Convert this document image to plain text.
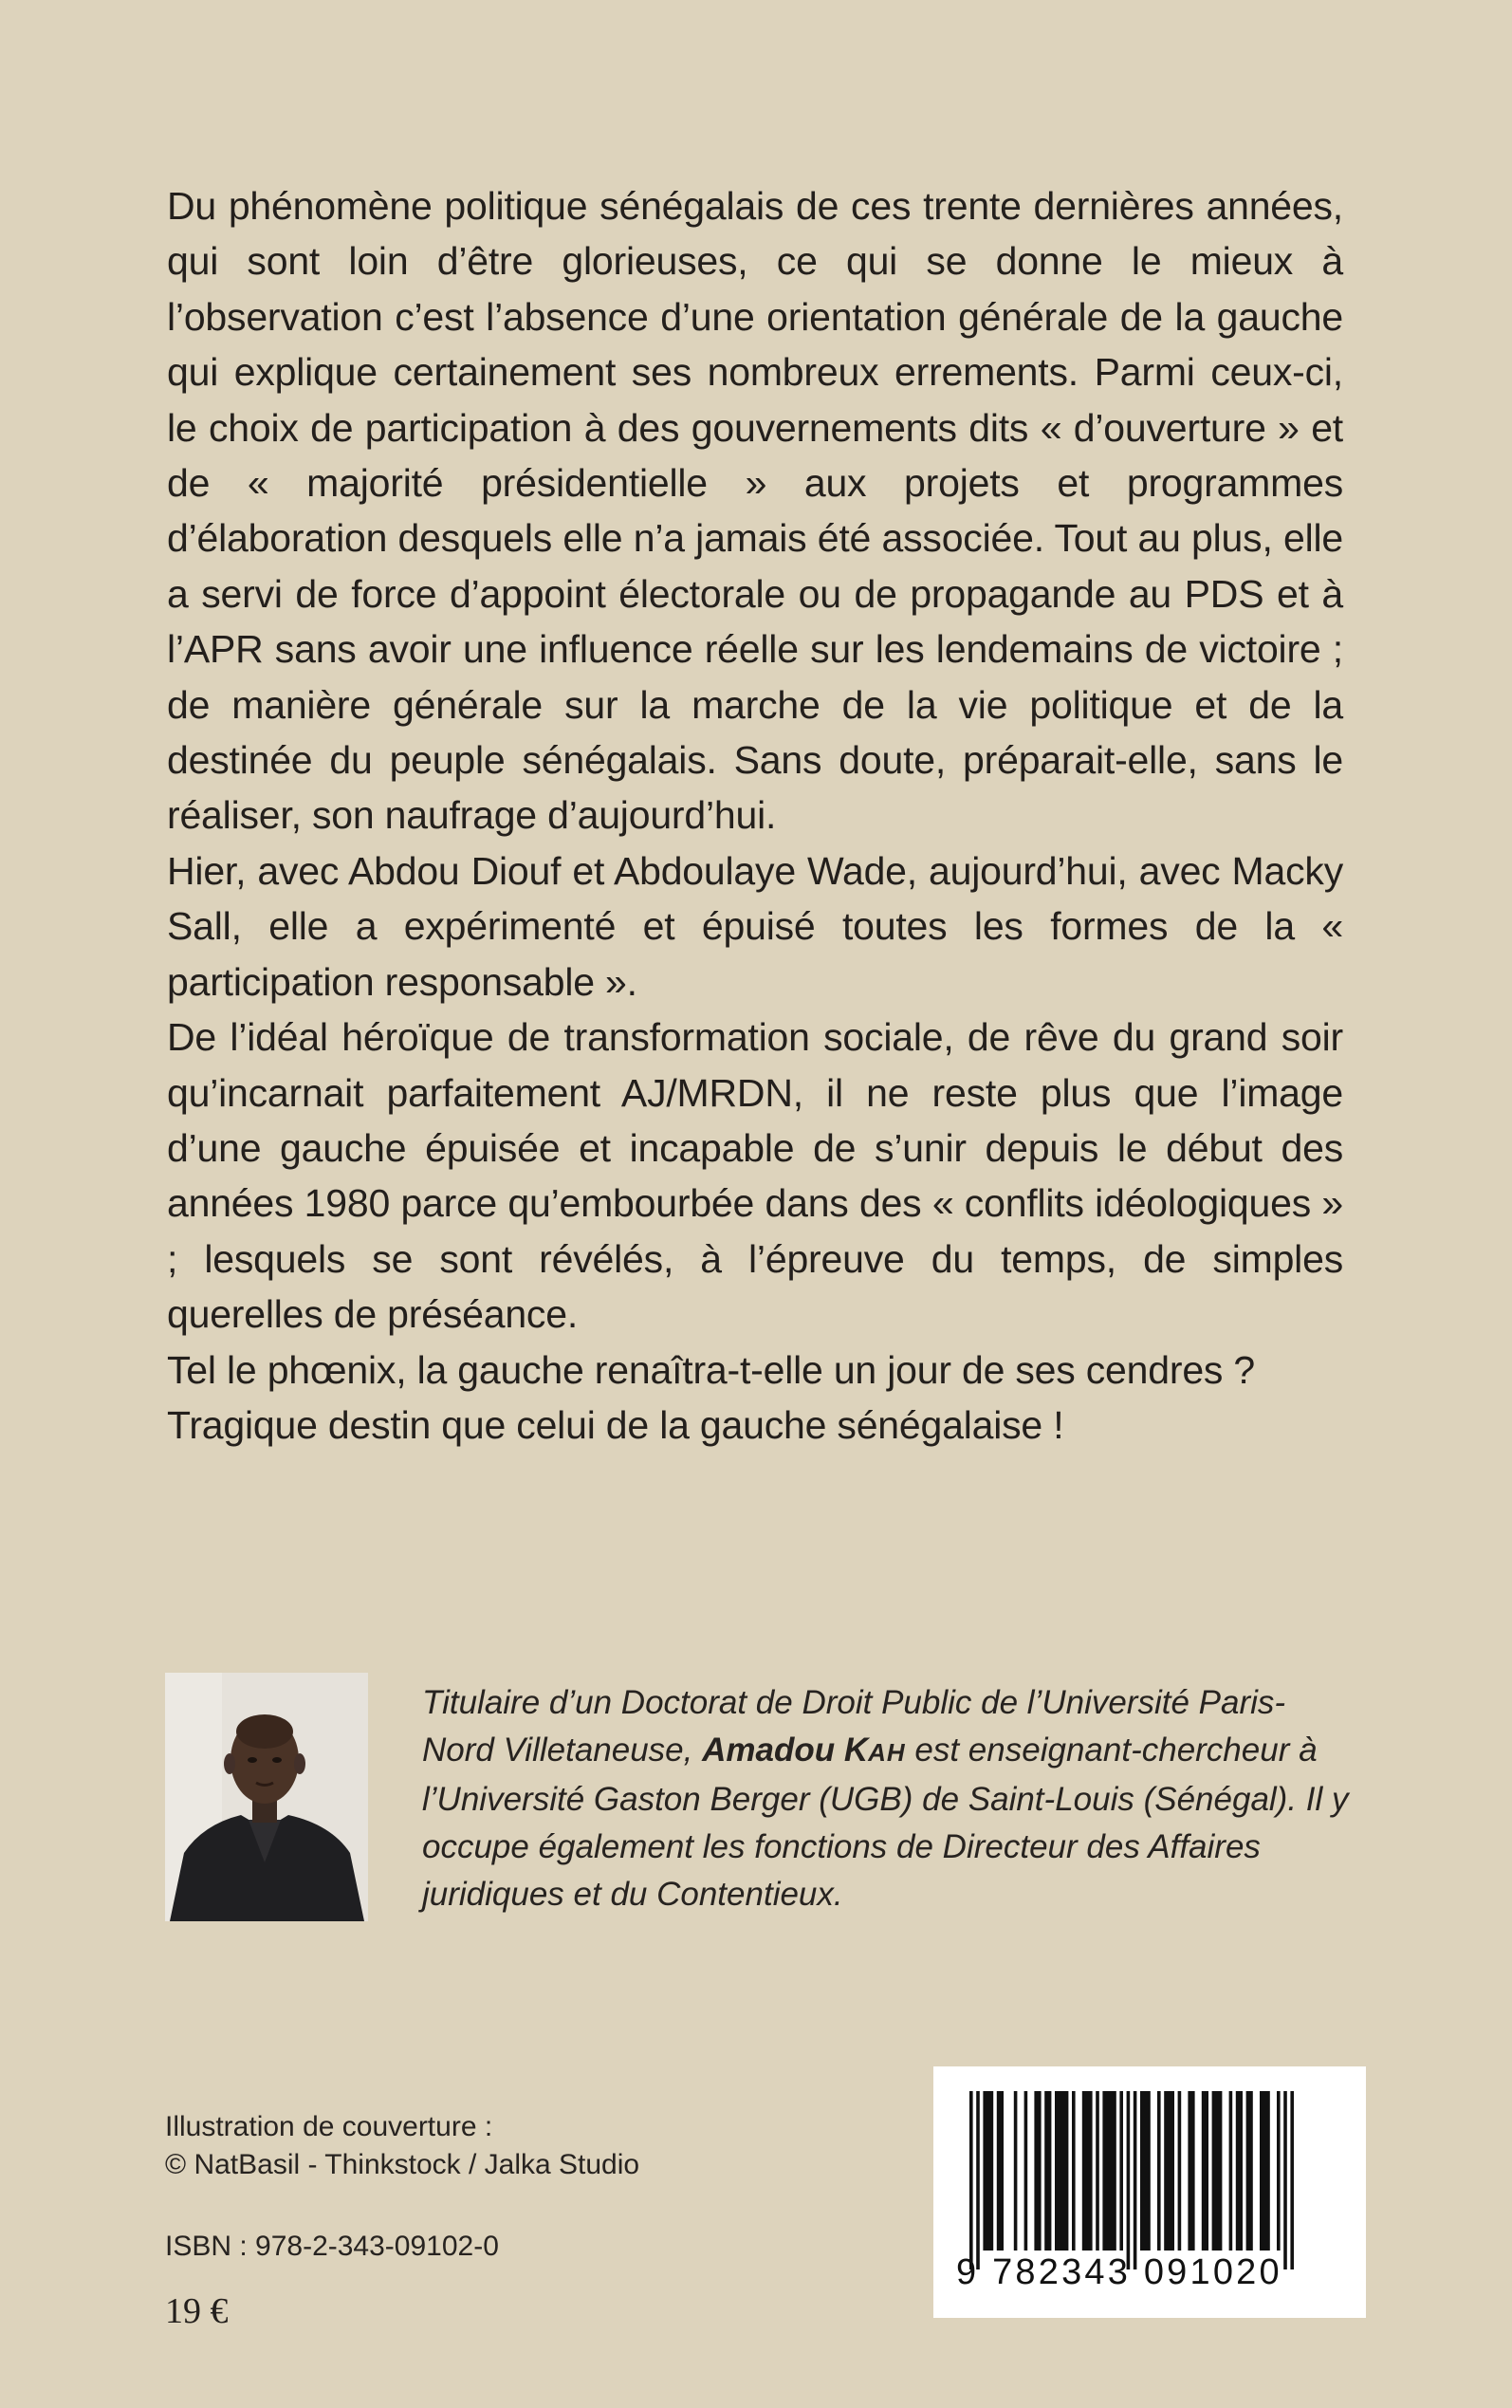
Du phénomène politique sénégalais de ces trente dernières années, qui sont loin d’être glorieuses, ce qui se donne le mieux à l’observation c’est l’absence d’une orientation générale de la gauche qui explique certainement ses nombreux errements. Parmi ceux-ci, le choix de participation à des gouvernements dits « d’ouverture » et de « majorité présidentielle » aux projets et programmes d’élaboration desquels elle n’a jamais été associée. Tout au plus, elle a servi de force d’appoint électorale ou de propagande au PDS et à l’APR sans avoir une influence réelle sur les lendemains de victoire ; de manière générale sur la marche de la vie politique et de la destinée du peuple sénégalais. Sans doute, préparait-elle, sans le réaliser, son naufrage d’aujourd’hui.

Hier, avec Abdou Diouf et Abdoulaye Wade, aujourd’hui, avec Macky Sall, elle a expérimenté et épuisé toutes les formes de la « participation responsable ».

De l’idéal héroïque de transformation sociale, de rêve du grand soir qu’incarnait parfaitement AJ/MRDN, il ne reste plus que l’image d’une gauche épuisée et incapable de s’unir depuis le début des années 1980 parce qu’embourbée dans des « conflits idéologiques » ; lesquels se sont révélés, à l’épreuve du temps, de simples querelles de préséance.

Tel le phœnix, la gauche renaîtra-t-elle un jour de ses cendres ?

Tragique destin que celui de la gauche sénégalaise !

Titulaire d’un Doctorat de Droit Public de l’Université Paris-Nord Villetaneuse, Amadou KAH est enseignant-chercheur à l’Université Gaston Berger (UGB) de Saint-Louis (Sénégal). Il y occupe également les fonctions de Directeur des Affaires juridiques et du Contentieux.
Illustration de couverture :
© NatBasil - Thinkstock / Jalka Studio
ISBN : 978-2-343-09102-0
19 €
9 782343 091020
